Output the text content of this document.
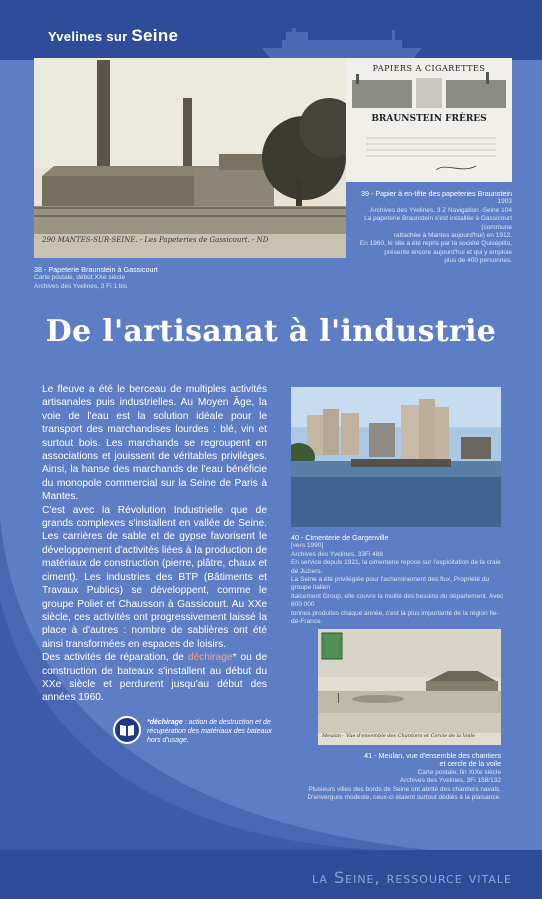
Yvelines sur Seine
290 MANTES-SUR-SEINE. - Les Papeteries de Gassicourt. - ND
38 - Papeterie Braunstein à Gassicourt
Carte postale, début XXe siècle
Archives des Yvelines, 3 Fi 1 bis
PAPIERS A CIGARETTES
BRAUNSTEIN FRÈRES
39 - Papier à en-tête des papeteries Braunstein
1903
Archives des Yvelines, 3 Z Navigation -Seine 104
La papeterie Braunstein s'est installée à Gassicourt (commune
rattachée à Mantes aujourd'hui) en 1912.
En 1960, le site a été repris par la société Quiséplito,
présente encore aujourd'hui et qui y emploie
plus de 400 personnes.
De l'artisanat à l'industrie

Le fleuve a été le berceau de multiples activités artisanales puis industrielles. Au Moyen Âge, la voie de l'eau est la solution idéale pour le transport des marchandises lourdes : blé, vin et surtout bois. Les marchands se regroupent en associations et jouissent de véritables privilèges. Ainsi, la hanse des marchands de l'eau bénéficie du monopole commercial sur la Seine de Paris à Mantes.

C'est avec la Révolution Industrielle que de grands complexes s'installent en vallée de Seine. Les carrières de sable et de gypse favorisent le développement d'activités liées à la production de matériaux de construction (pierre, plâtre, chaux et ciment). Les industries des BTP (Bâtiments et Travaux Publics) se développent, comme le groupe Poliet et Chausson à Gassicourt. Au XXe siècle, ces activités ont progressivement laissé la place à d'autres : nombre de sablières ont été ainsi transformées en espaces de loisirs.

Des activités de réparation, de déchirage* ou de construction de bateaux s'installent au début du XXe siècle et perdurent jusqu'au début des années 1960.

*déchirage : action de destruction et de récupération des matériaux des bateaux hors d'usage.
40 - Cimenterie de Gargenville
[vers 1990]
Archives des Yvelines, 33Fi 488
En service depuis 1921, la cimenterie repose sur l'exploitation de la craie de Juziers.
La Seine a été privilégiée pour l'acheminement des flux. Propriété du groupe italien
Italcement Group, elle couvre la moitié des besoins du département. Avec 600 000
tonnes produites chaque année, c'est la plus importante de la région Ile-de-France.
Meulan - Vue d'ensemble des Chantiers et Cercle de la Voile
41 - Meulan, vue d'ensemble des chantiers
et cercle de la voile
Carte postale, fin XIXe siècle
Archives des Yvelines, 3Fi 158/132
Plusieurs villes des bords de Seine ont abrité des chantiers navals.
D'envergure modeste, ceux-ci étaient surtout dédiés à la plaisance.
la Seine, ressource vitale
